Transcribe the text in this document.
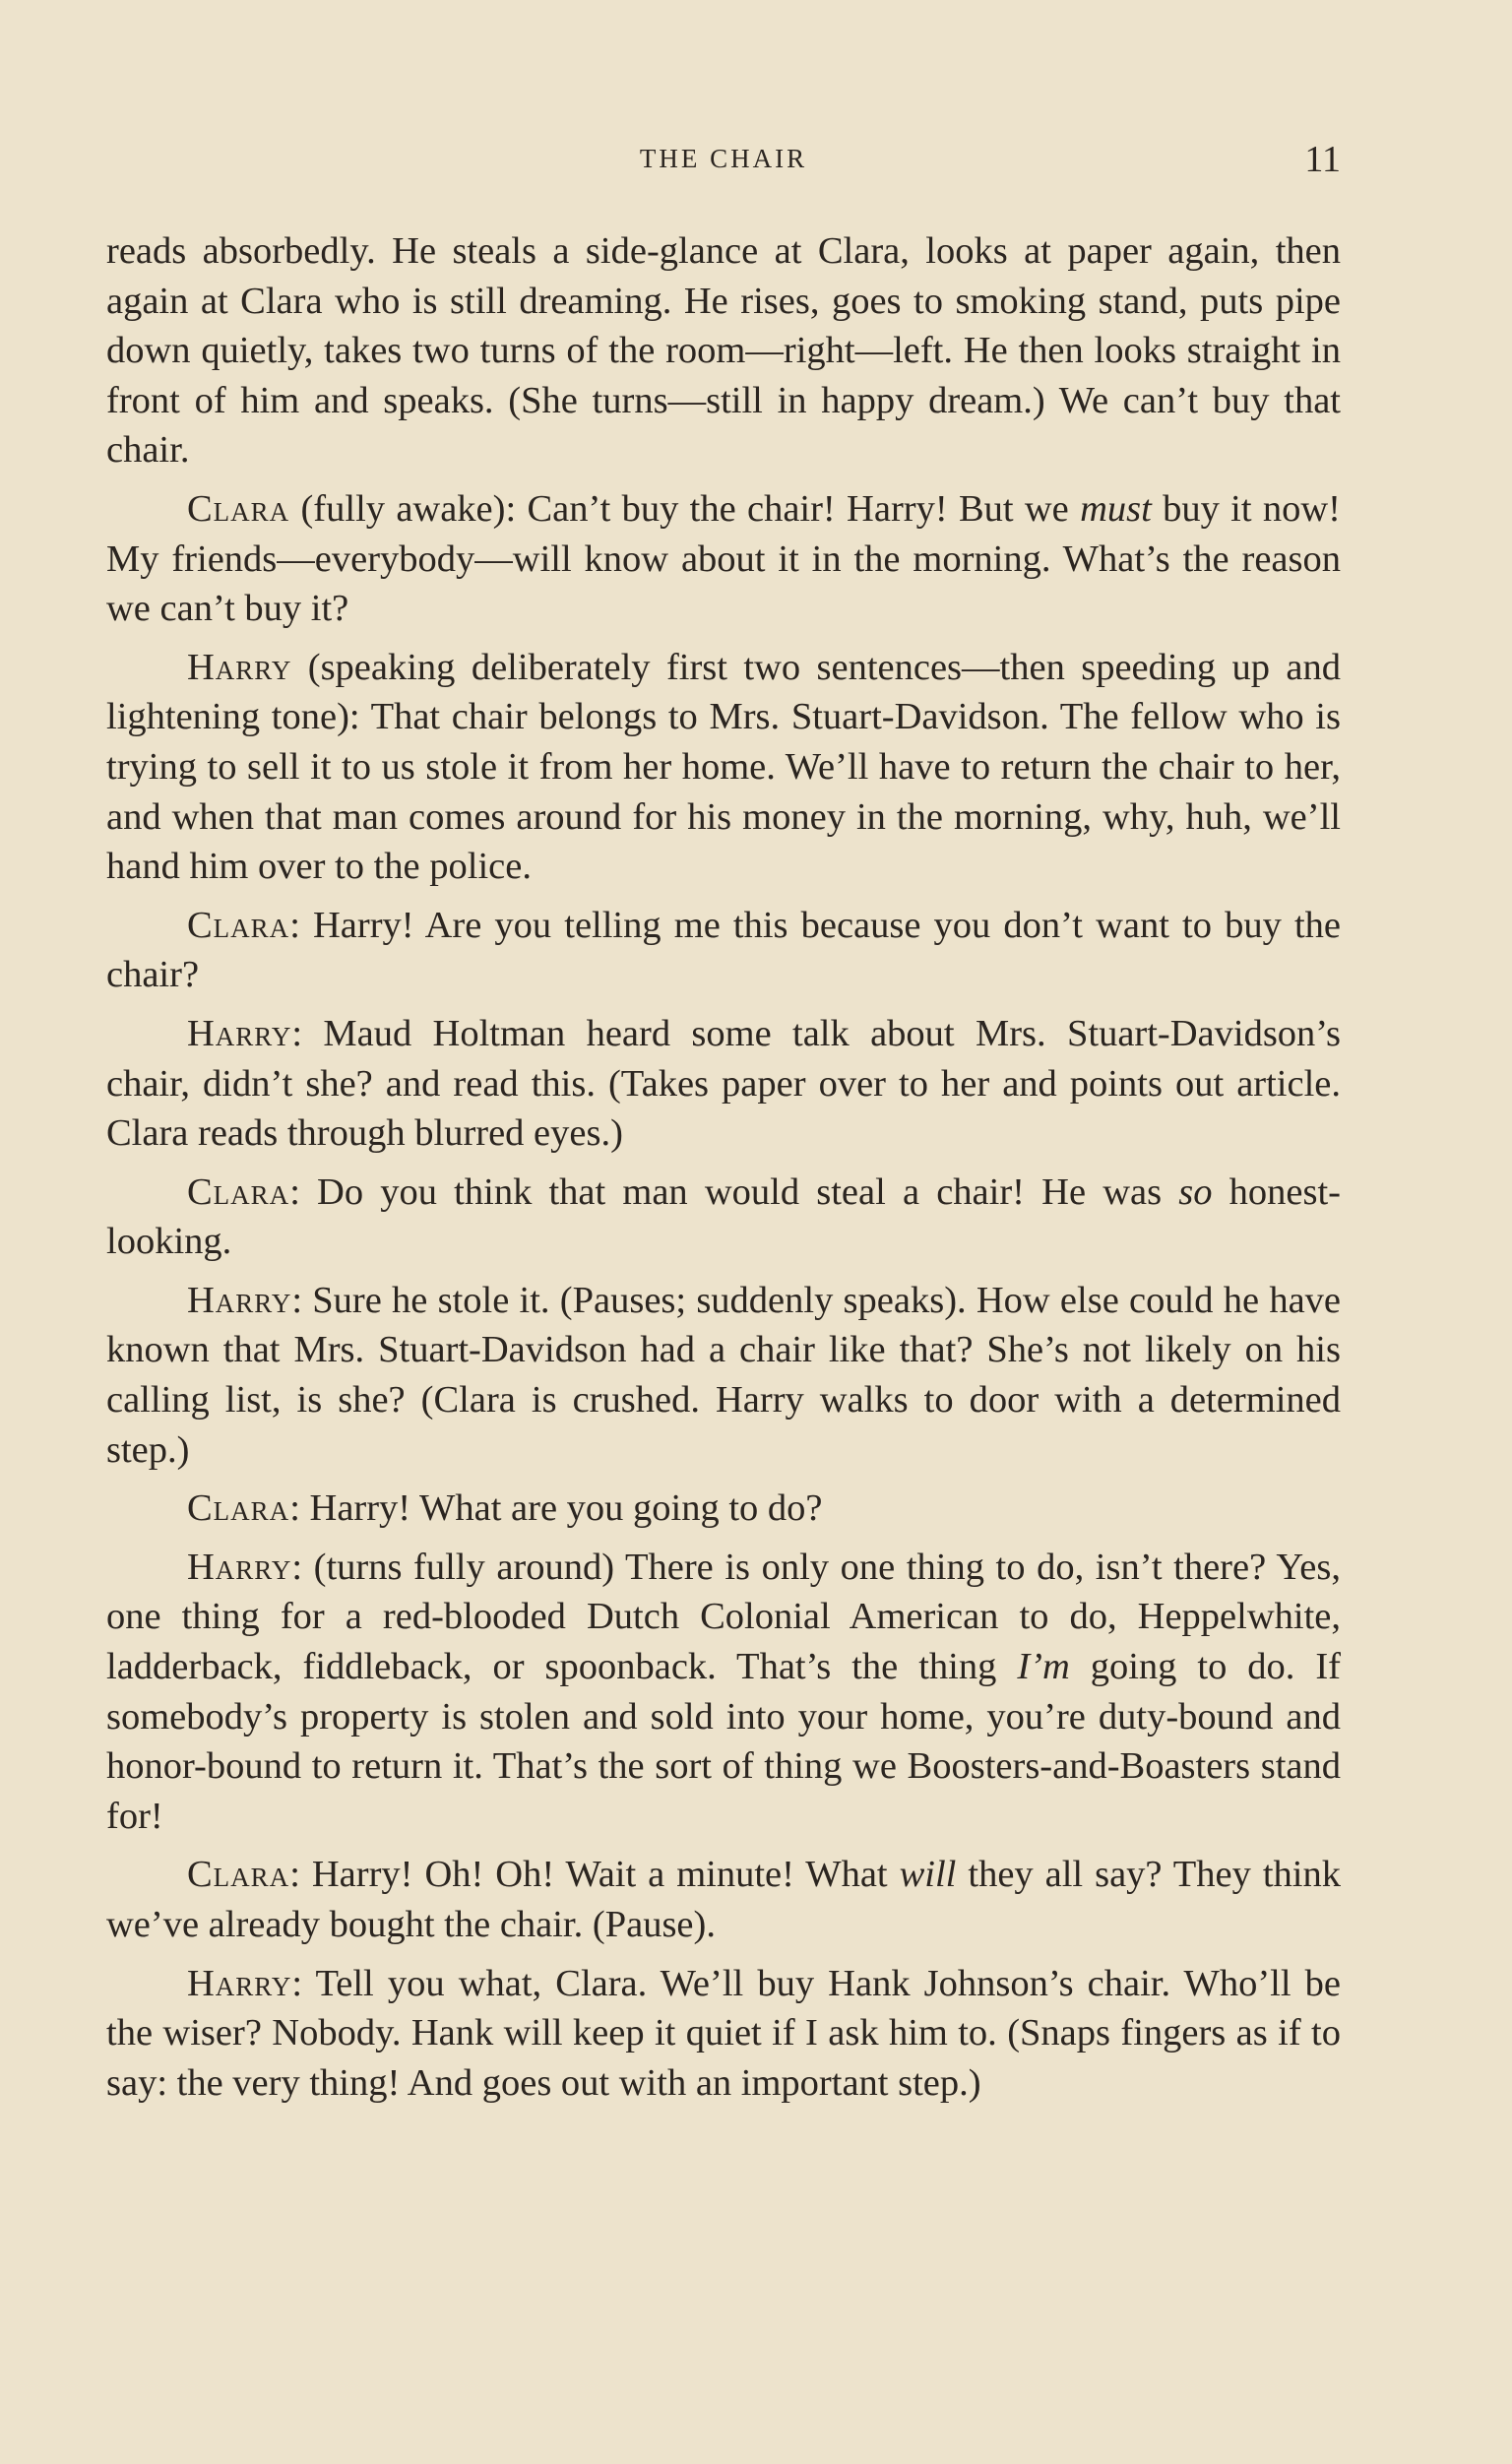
THE CHAIR	11

reads absorbedly. He steals a side-glance at Clara, looks at paper again, then again at Clara who is still dreaming. He rises, goes to smoking stand, puts pipe down quietly, takes two turns of the room—right—left. He then looks straight in front of him and speaks. (She turns—still in happy dream.) We can’t buy that chair.

Clara (fully awake): Can’t buy the chair! Harry! But we must buy it now! My friends—everybody—will know about it in the morning. What’s the reason we can’t buy it?

Harry (speaking deliberately first two sentences—then speeding up and lightening tone): That chair belongs to Mrs. Stuart-Davidson. The fellow who is trying to sell it to us stole it from her home. We’ll have to return the chair to her, and when that man comes around for his money in the morning, why, huh, we’ll hand him over to the police.

Clara: Harry! Are you telling me this because you don’t want to buy the chair?

Harry: Maud Holtman heard some talk about Mrs. Stuart-Davidson’s chair, didn’t she? and read this. (Takes paper over to her and points out article. Clara reads through blurred eyes.)

Clara: Do you think that man would steal a chair! He was so honest-looking.

Harry: Sure he stole it. (Pauses; suddenly speaks). How else could he have known that Mrs. Stuart-Davidson had a chair like that? She’s not likely on his calling list, is she? (Clara is crushed. Harry walks to door with a determined step.)

Clara: Harry! What are you going to do?

Harry: (turns fully around) There is only one thing to do, isn’t there? Yes, one thing for a red-blooded Dutch Colonial American to do, Heppelwhite, ladderback, fiddleback, or spoonback. That’s the thing I’m going to do. If somebody’s property is stolen and sold into your home, you’re duty-bound and honor-bound to return it. That’s the sort of thing we Boosters-and-Boasters stand for!

Clara: Harry! Oh! Oh! Wait a minute! What will they all say? They think we’ve already bought the chair. (Pause).

Harry: Tell you what, Clara. We’ll buy Hank Johnson’s chair. Who’ll be the wiser? Nobody. Hank will keep it quiet if I ask him to. (Snaps fingers as if to say: the very thing! And goes out with an important step.)
